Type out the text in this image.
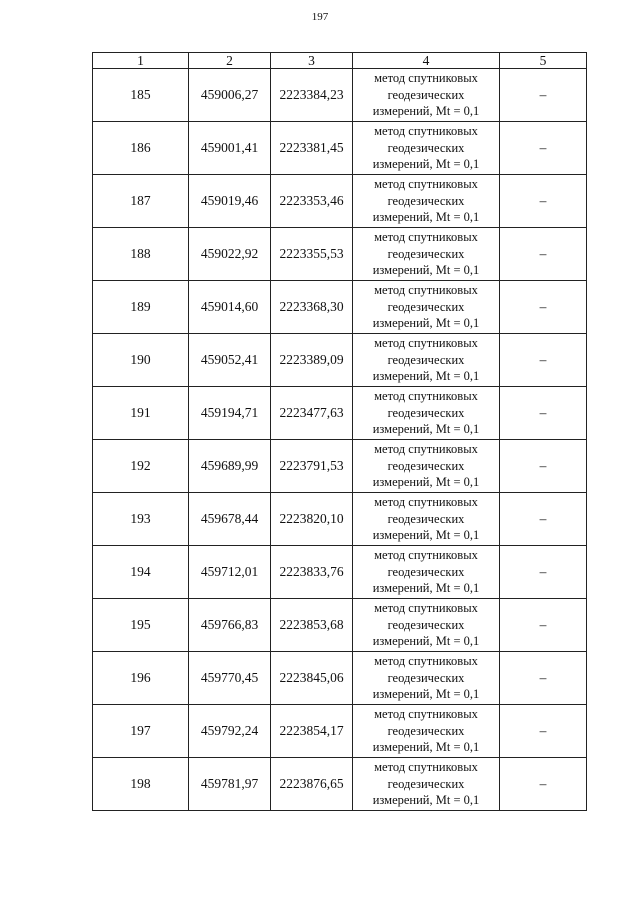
197
1	2	3	4	5
185	459006,27	2223384,23	метод спутниковых
геодезических
измерений, Mt = 0,1	–
186	459001,41	2223381,45	метод спутниковых
геодезических
измерений, Mt = 0,1	–
187	459019,46	2223353,46	метод спутниковых
геодезических
измерений, Mt = 0,1	–
188	459022,92	2223355,53	метод спутниковых
геодезических
измерений, Mt = 0,1	–
189	459014,60	2223368,30	метод спутниковых
геодезических
измерений, Mt = 0,1	–
190	459052,41	2223389,09	метод спутниковых
геодезических
измерений, Mt = 0,1	–
191	459194,71	2223477,63	метод спутниковых
геодезических
измерений, Mt = 0,1	–
192	459689,99	2223791,53	метод спутниковых
геодезических
измерений, Mt = 0,1	–
193	459678,44	2223820,10	метод спутниковых
геодезических
измерений, Mt = 0,1	–
194	459712,01	2223833,76	метод спутниковых
геодезических
измерений, Mt = 0,1	–
195	459766,83	2223853,68	метод спутниковых
геодезических
измерений, Mt = 0,1	–
196	459770,45	2223845,06	метод спутниковых
геодезических
измерений, Mt = 0,1	–
197	459792,24	2223854,17	метод спутниковых
геодезических
измерений, Mt = 0,1	–
198	459781,97	2223876,65	метод спутниковых
геодезических
измерений, Mt = 0,1	–
